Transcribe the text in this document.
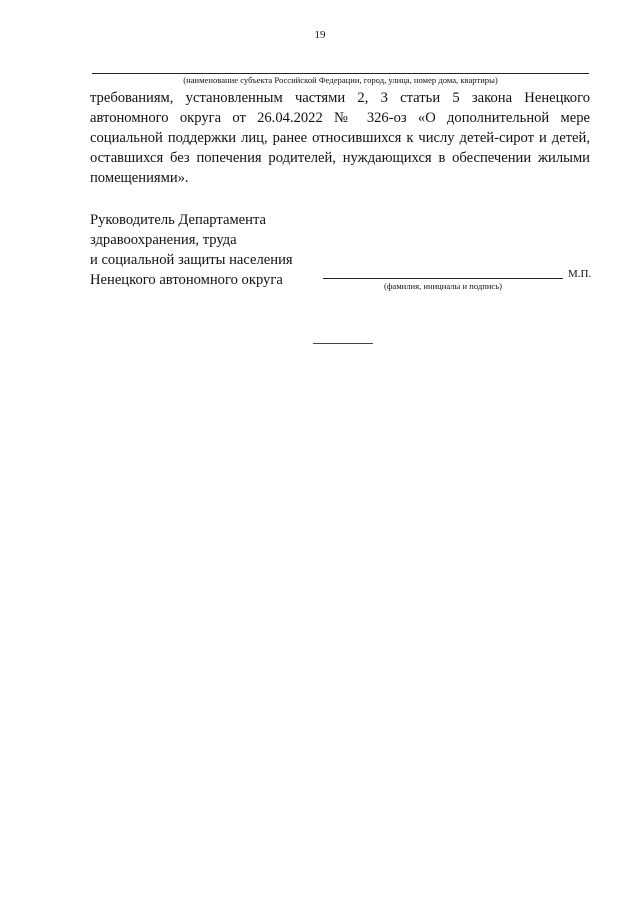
19
(наименование субъекта Российской Федерации, город, улица, номер дома, квартиры)
требованиям, установленным частями 2, 3 статьи 5 закона Ненецкого
автономного округа от 26.04.2022 № 326-оз «О дополнительной мере
социальной поддержки лиц, ранее относившихся к числу детей-сирот и детей,
оставшихся без попечения родителей, нуждающихся в обеспечении жилыми
помещениями».
Руководитель Департамента
здравоохранения, труда
и социальной защиты населения
Ненецкого автономного округа	М.П.
(фамилия, инициалы и подпись)
